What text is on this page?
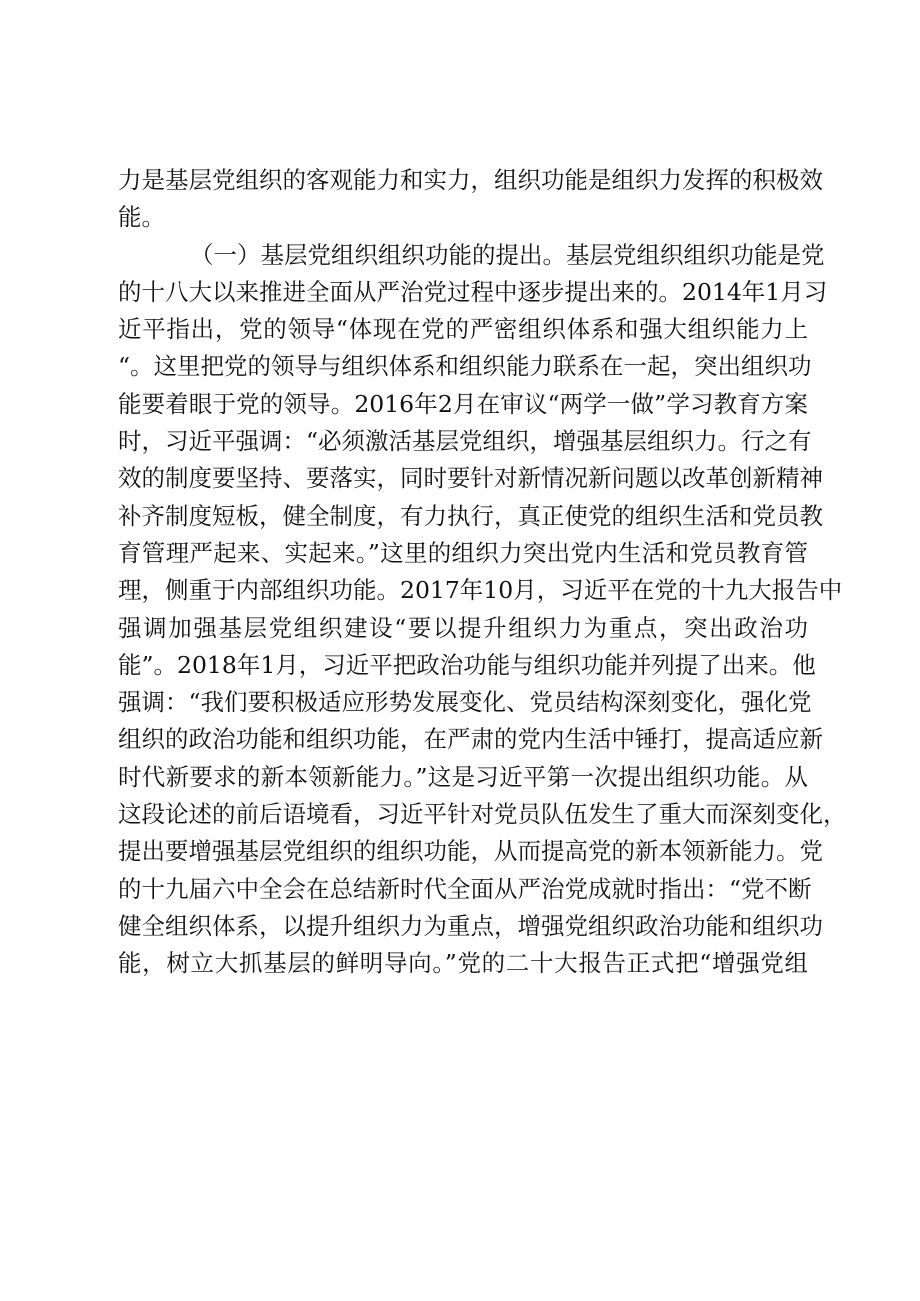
力是基层党组织的客观能力和实力，组织功能是组织力发挥的积极效
能。
（一）基层党组织组织功能的提出。基层党组织组织功能是党
的十八大以来推进全面从严治党过程中逐步提出来的。2014年1月习
近平指出，党的领导“体现在党的严密组织体系和强大组织能力上
“。这里把党的领导与组织体系和组织能力联系在一起，突出组织功
能要着眼于党的领导。2016年2月在审议“两学一做”学习教育方案
时，习近平强调：“必须激活基层党组织，增强基层组织力。行之有
效的制度要坚持、要落实，同时要针对新情况新问题以改革创新精神
补齐制度短板，健全制度，有力执行，真正使党的组织生活和党员教
育管理严起来、实起来。”这里的组织力突出党内生活和党员教育管
理，侧重于内部组织功能。2017年10月，习近平在党的十九大报告中
强调加强基层党组织建设“要以提升组织力为重点，突出政治功
能”。2018年1月，习近平把政治功能与组织功能并列提了出来。他
强调：“我们要积极适应形势发展变化、党员结构深刻变化，强化党
组织的政治功能和组织功能，在严肃的党内生活中锤打，提高适应新
时代新要求的新本领新能力。”这是习近平第一次提出组织功能。从
这段论述的前后语境看，习近平针对党员队伍发生了重大而深刻变化，
提出要增强基层党组织的组织功能，从而提高党的新本领新能力。党
的十九届六中全会在总结新时代全面从严治党成就时指出：“党不断
健全组织体系，以提升组织力为重点，增强党组织政治功能和组织功
能，树立大抓基层的鲜明导向。”党的二十大报告正式把“增强党组
